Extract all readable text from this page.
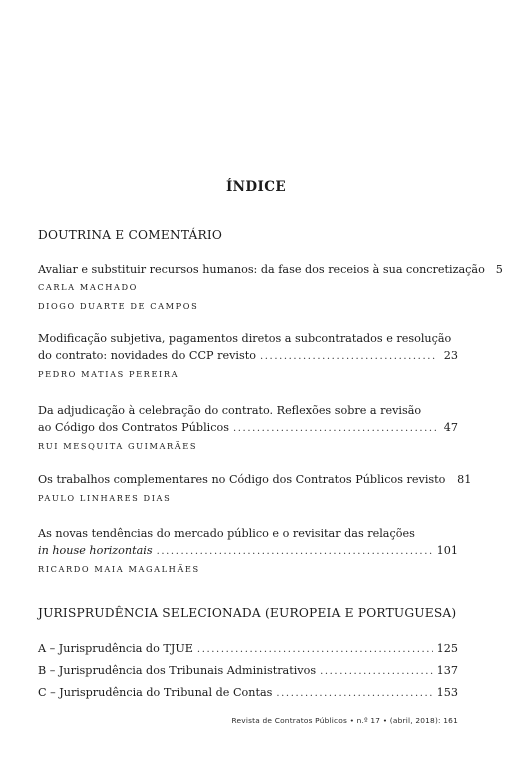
ÍNDICE
DOUTRINA E COMENTÁRIO
Avaliar e substituir recursos humanos: da fase dos receios à sua concretização 5
CARLA MACHADO
DIOGO DUARTE DE CAMPOS
Modificação subjetiva, pagamentos diretos a subcontratados e resolução
do contrato: novidades do CCP revisto .....	23
PEDRO MATIAS PEREIRA
Da adjudicação à celebração do contrato. Reflexões sobre a revisão
ao Código dos Contratos Públicos .....	47
RUI MESQUITA GUIMARÃES
Os trabalhos complementares no Código dos Contratos Públicos revisto	81
PAULO LINHARES DIAS
As novas tendências do mercado público e o revisitar das relações
in house horizontais .....	101
RICARDO MAIA MAGALHÃES
JURISPRUDÊNCIA SELECIONADA (EUROPEIA E PORTUGUESA)
A – Jurisprudência do TJUE .....	125
B – Jurisprudência dos Tribunais Administrativos .....	137
C – Jurisprudência do Tribunal de Contas .....	153
Revista de Contratos Públicos • n.º 17 • (abril, 2018): 161
